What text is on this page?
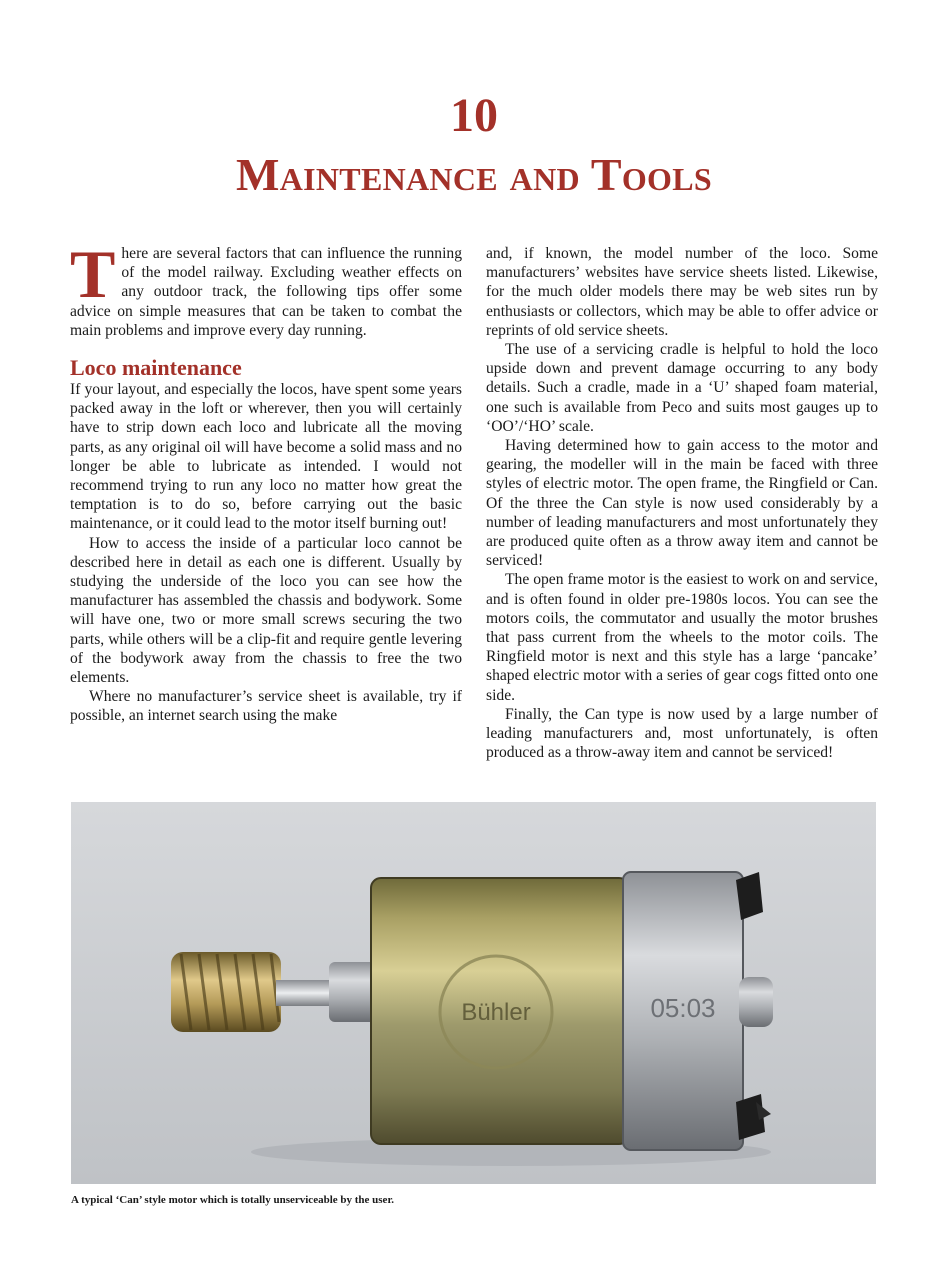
10
Maintenance and Tools

There are several factors that can influence the running of the model railway. Excluding weather effects on any outdoor track, the following tips offer some advice on simple measures that can be taken to combat the main problems and improve every day running.

Loco maintenance

If your layout, and especially the locos, have spent some years packed away in the loft or wherever, then you will certainly have to strip down each loco and lubricate all the moving parts, as any original oil will have become a solid mass and no longer be able to lubricate as intended. I would not recommend trying to run any loco no matter how great the temptation is to do so, before carrying out the basic maintenance, or it could lead to the motor itself burning out!

How to access the inside of a particular loco cannot be described here in detail as each one is different. Usually by studying the underside of the loco you can see how the manufacturer has assembled the chassis and bodywork. Some will have one, two or more small screws securing the two parts, while others will be a clip-fit and require gentle levering of the bodywork away from the chassis to free the two elements.

Where no manufacturer’s service sheet is available, try if possible, an internet search using the make

and, if known, the model number of the loco. Some manufacturers’ websites have service sheets listed. Likewise, for the much older models there may be web sites run by enthusiasts or collectors, which may be able to offer advice or reprints of old service sheets.

The use of a servicing cradle is helpful to hold the loco upside down and prevent damage occurring to any body details. Such a cradle, made in a ‘U’ shaped foam material, one such is available from Peco and suits most gauges up to ‘OO’/‘HO’ scale.

Having determined how to gain access to the motor and gearing, the modeller will in the main be faced with three styles of electric motor. The open frame, the Ringfield or Can. Of the three the Can style is now used considerably by a number of leading manufacturers and most unfortunately they are produced quite often as a throw away item and cannot be serviced!

The open frame motor is the easiest to work on and service, and is often found in older pre-1980s locos. You can see the motors coils, the commutator and usually the motor brushes that pass current from the wheels to the motor coils. The Ringfield motor is next and this style has a large ‘pancake’ shaped electric motor with a series of gear cogs fitted onto one side.

Finally, the Can type is now used by a large number of leading manufacturers and, most unfortunately, is often produced as a throw-away item and cannot be serviced!

Bühler	05:03
A typical ‘Can’ style motor which is totally unserviceable by the user.
